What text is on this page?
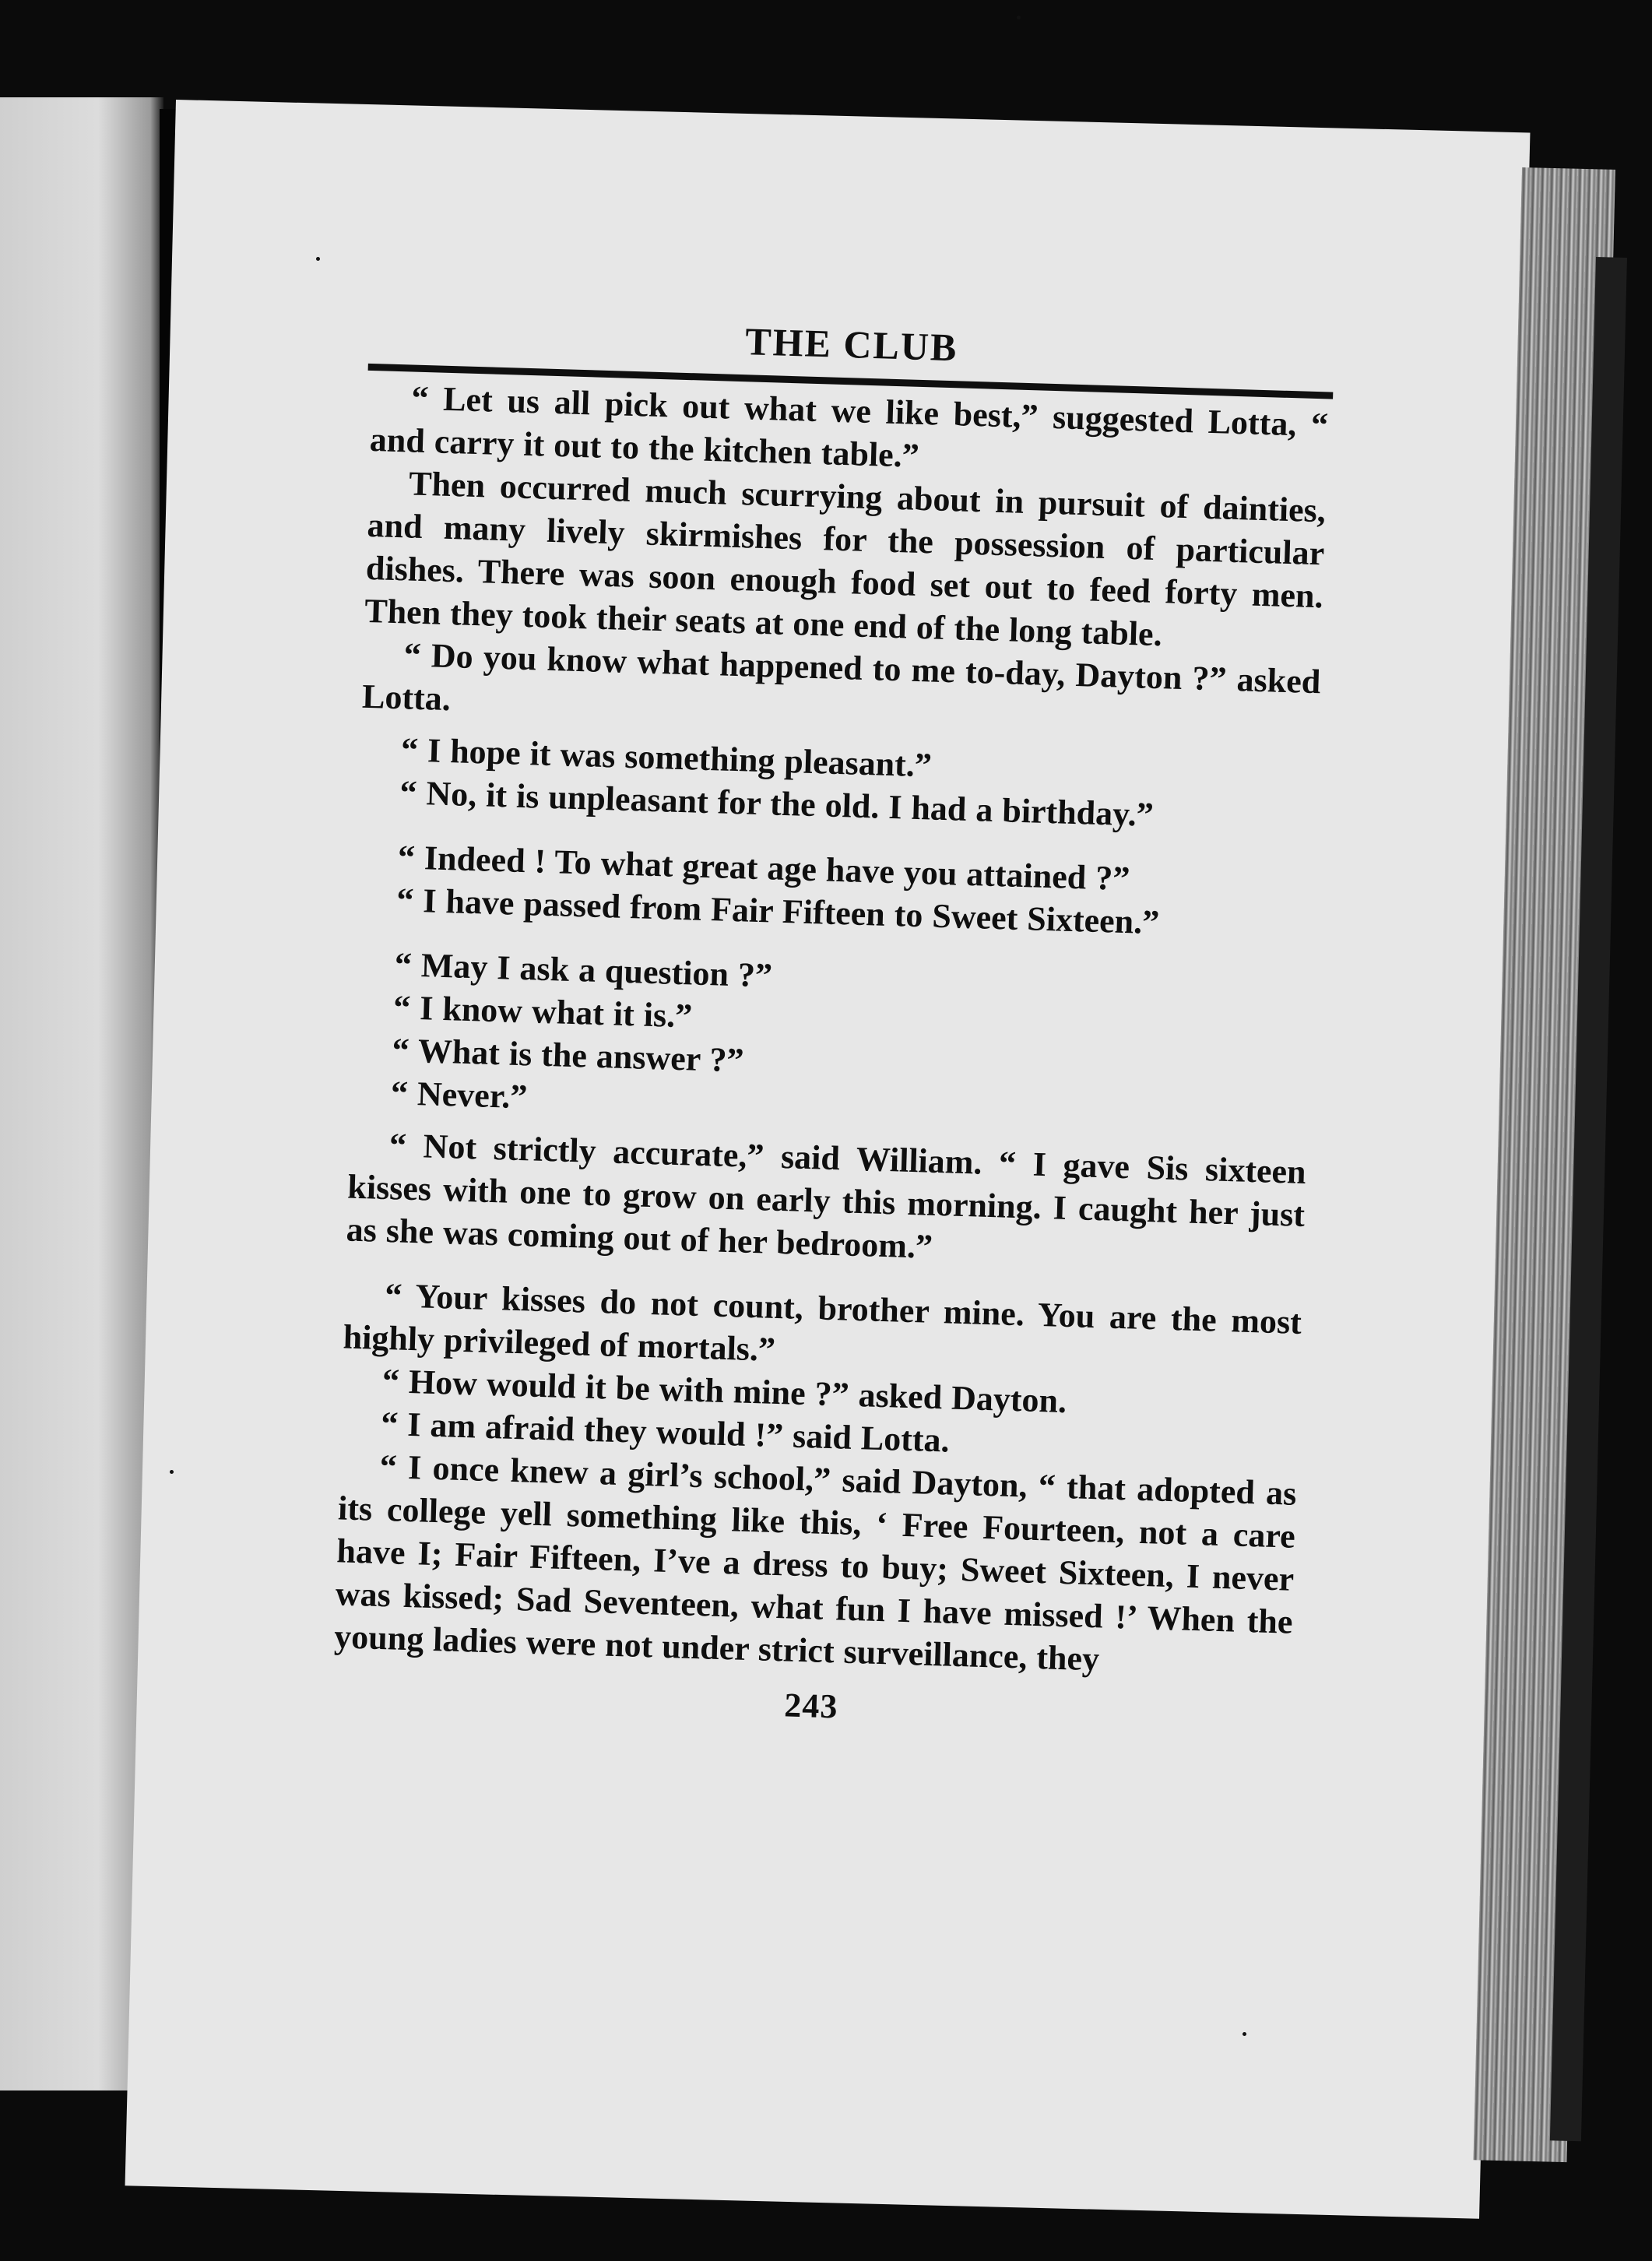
THE CLUB

“ Let us all pick out what we like best,” suggested Lotta, “ and carry it out to the kitchen table.”

Then occurred much scurrying about in pursuit of dainties, and many lively skirmishes for the possession of particular dishes. There was soon enough food set out to feed forty men. Then they took their seats at one end of the long table.

“ Do you know what happened to me to-day, Dayton ?” asked Lotta.

“ I hope it was something pleasant.”

“ No, it is unpleasant for the old. I had a birthday.”

“ Indeed ! To what great age have you attained ?”

“ I have passed from Fair Fifteen to Sweet Sixteen.”

“ May I ask a question ?”

“ I know what it is.”

“ What is the answer ?”

“ Never.”

“ Not strictly accurate,” said William. “ I gave Sis sixteen kisses with one to grow on early this morning. I caught her just as she was coming out of her bedroom.”

“ Your kisses do not count, brother mine. You are the most highly privileged of mortals.”

“ How would it be with mine ?” asked Dayton.

“ I am afraid they would !” said Lotta.

“ I once knew a girl’s school,” said Dayton, “ that adopted as its college yell something like this, ‘ Free Fourteen, not a care have I; Fair Fifteen, I’ve a dress to buy; Sweet Sixteen, I never was kissed; Sad Seventeen, what fun I have missed !’ When the young ladies were not under strict surveillance, they

243
